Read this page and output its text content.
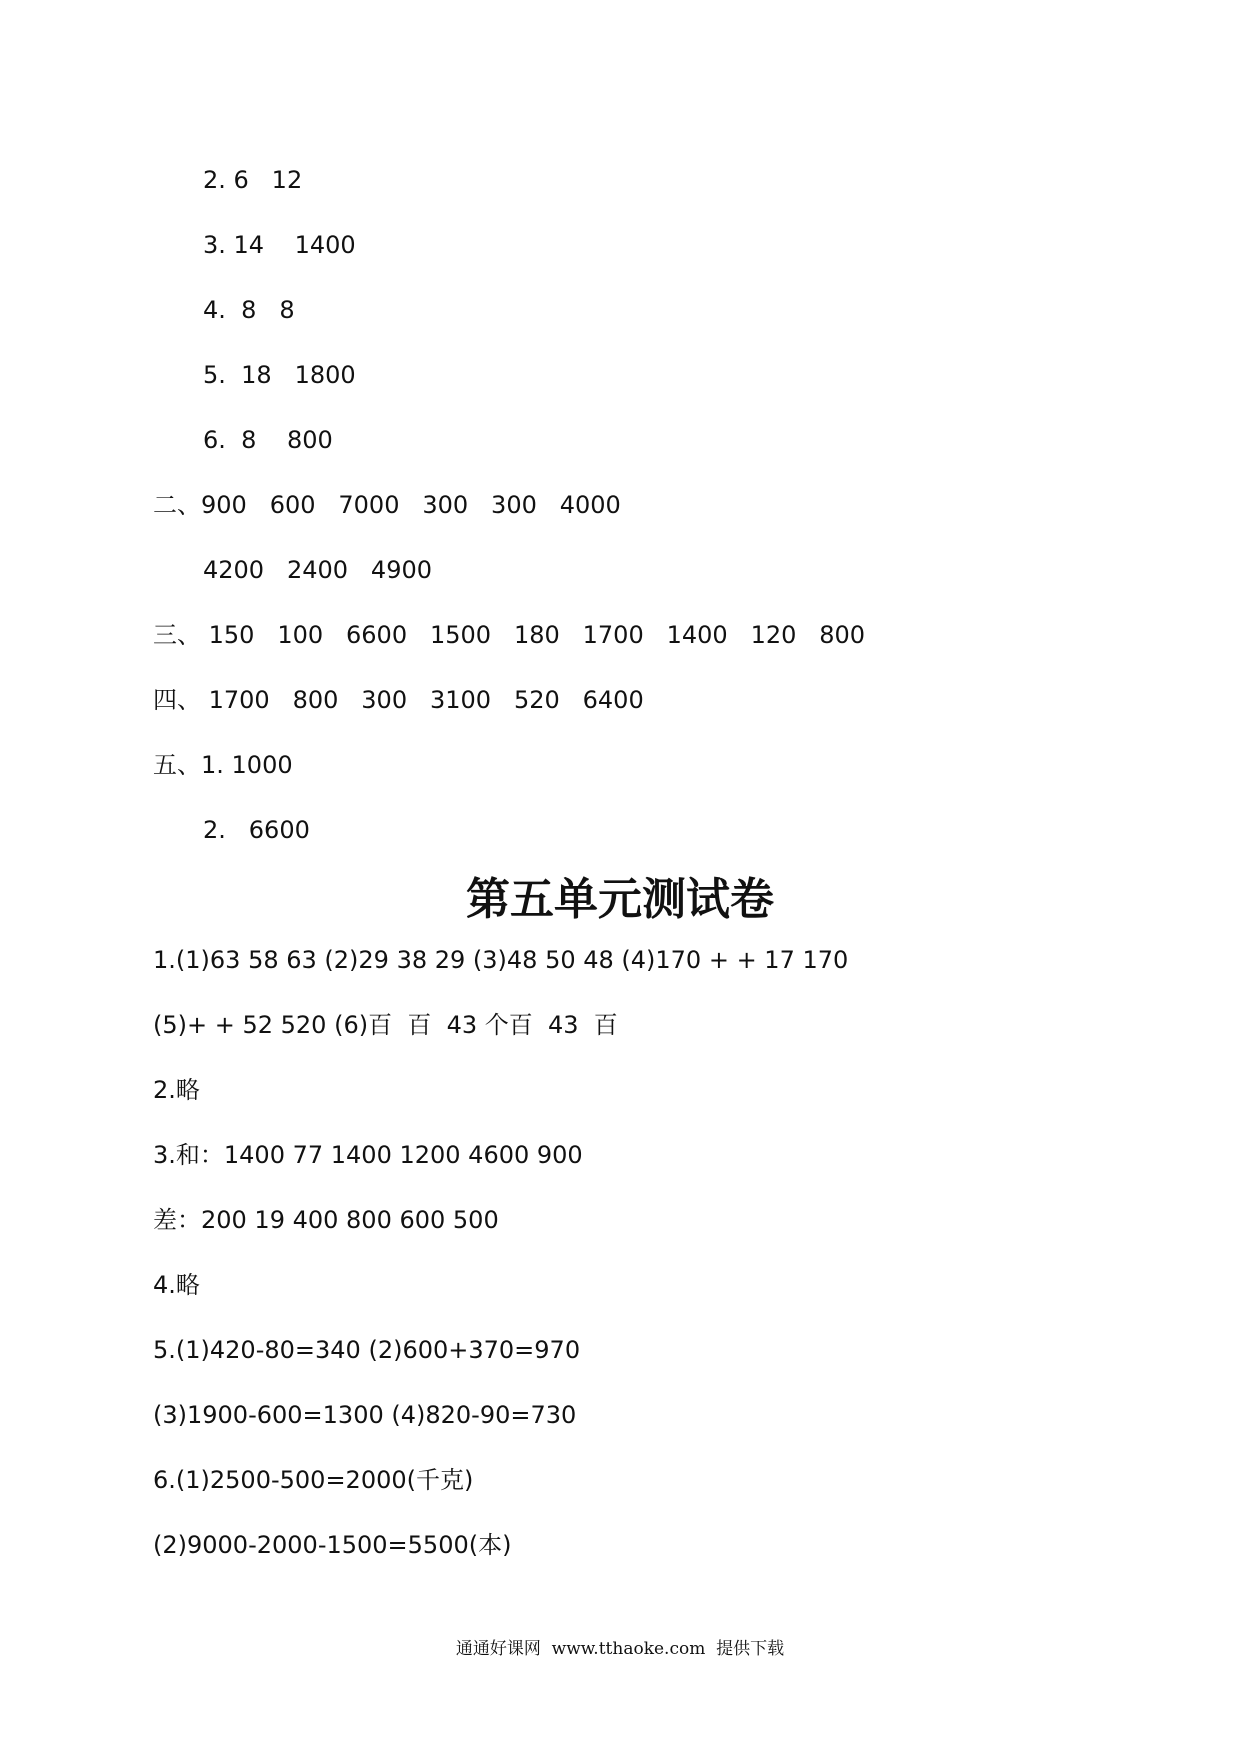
2. 6   12
3. 14    1400
4.  8   8
5.  18   1800
6.  8    800
二、900   600   7000   300   300   4000
4200   2400   4900
三、 150   100   6600   1500   180   1700   1400   120   800
四、 1700   800   300   3100   520   6400
五、1. 1000
2.   6600
第五单元测试卷
1.(1)63 58 63 (2)29 38 29 (3)48 50 48 (4)170 + + 17 170
(5)+ + 52 520 (6)百  百  43 个百  43  百
2.略
3.和：1400 77 1400 1200 4600 900
差：200 19 400 800 600 500
4.略
5.(1)420-80=340 (2)600+370=970
(3)1900-600=1300 (4)820-90=730
6.(1)2500-500=2000(千克)
(2)9000-2000-1500=5500(本)
通通好课网  www.tthaoke.com  提供下载
